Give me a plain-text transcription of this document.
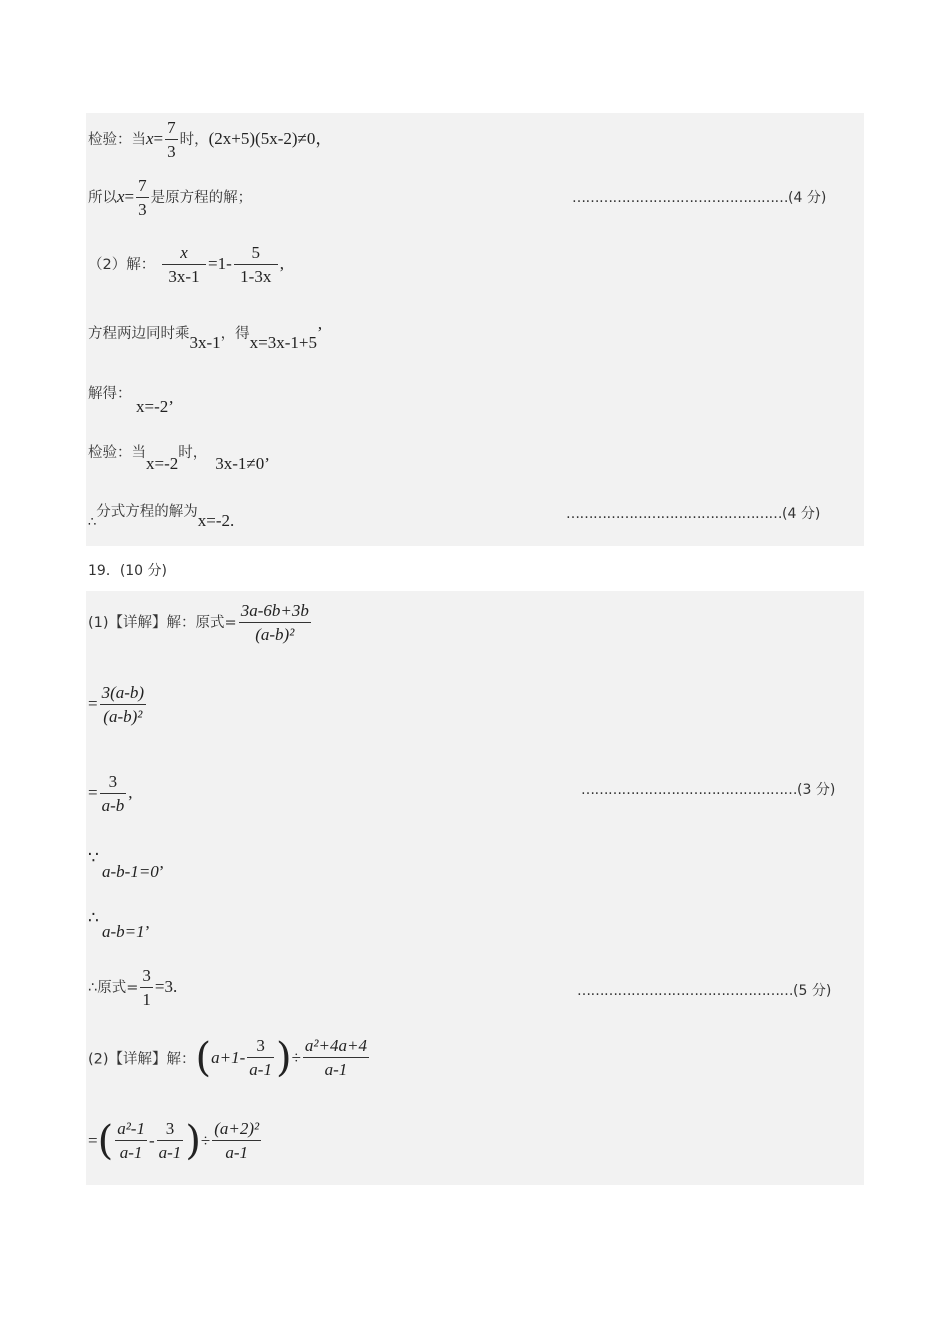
检验：当$x= \frac{7}{3}$ 时，(2x+5)(5x-2)≠0，
所以$x= \frac{7}{3}$ 是原方程的解；	…………………………………………(4 分)
（2）解： $\frac{x}{3x-1} =1- \frac{5}{1-3x}$ ,
方程两边同时乘3x-1，得x=3x-1+5’
解得：
x=-2’
检验：当x=-2时，3x-1≠0’
∴分式方程的解为x=-2.	…………………………………………(4 分)
19．(10 分)
(1)【详解】解：原式= $\frac{3a-6b+3b}{\text{(a-b)²}}$
= $\frac{3(a-b)}{\text{(a-b)²}}$
= $\frac{3}{a-b}$ ,	…………………………………………(3 分)
∵
a-b-1=0’
∴
a-b=1’
∴原式= $\frac{3}{1} =3$.	…………………………………………(5 分)
(2)【详解】解：($a+1- \frac{3}{a-1}$ )÷ $\frac{\text{a²+4a+4}}{a-1}$
=( $\frac{\text{a²-1}}{a-1} - \frac{3}{a-1}$ )÷ $\frac{\text{(a+2)²}}{a-1}$
